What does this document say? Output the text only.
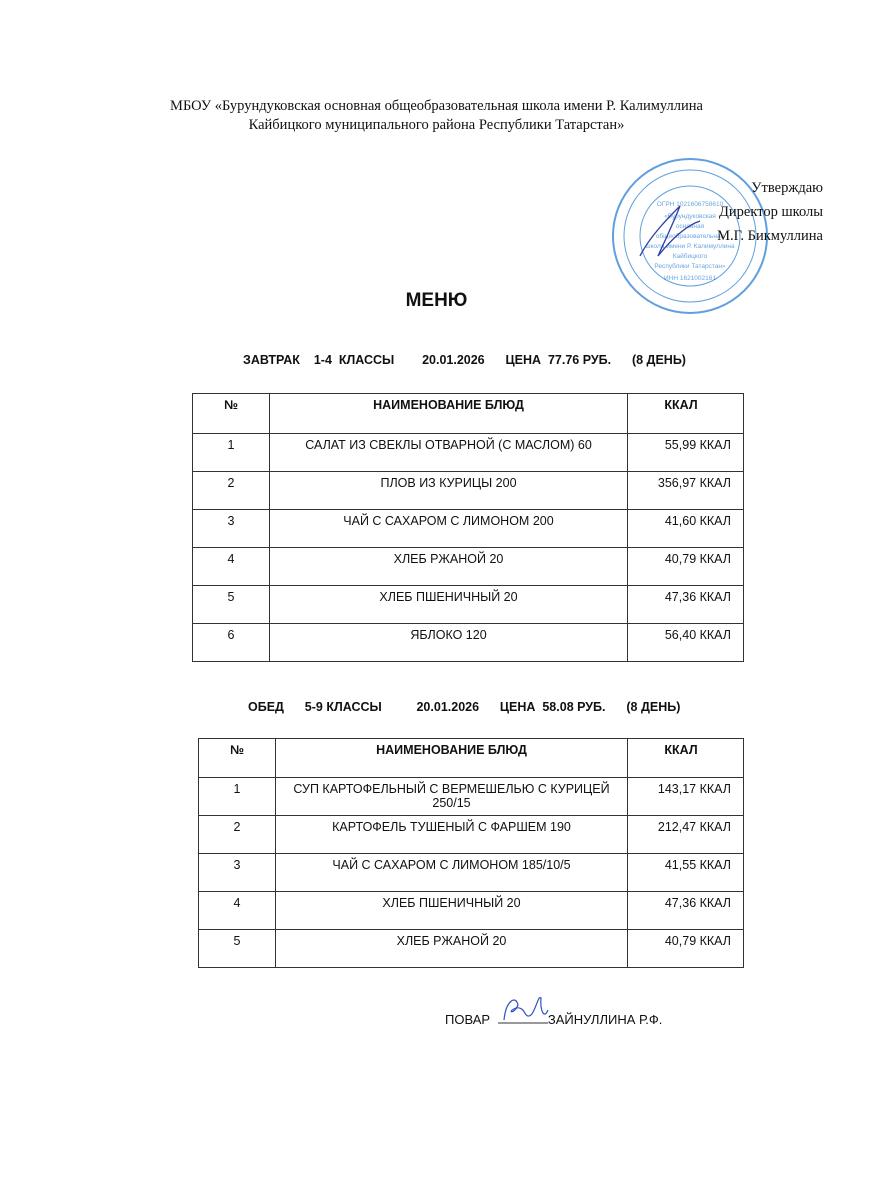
МБОУ «Бурундуковская основная общеобразовательная школа имени Р. Калимуллина
Кайбицкого муниципального района Республики Татарстан»
ОГРН 1021606758610
«Бурундуковская
основная
общеобразовательная
школа имени Р. Калимуллина
Кайбицкого
Республики Татарстан»
ИНН 1621002161
Утверждаю
Директор школы
М.Г. Бикмуллина
МЕНЮ
ЗАВТРАК 1-4  КЛАССЫ 20.01.2026 ЦЕНА  77.76 РУБ. (8 ДЕНЬ)
№	НАИМЕНОВАНИЕ БЛЮД	ККАЛ
1	САЛАТ ИЗ СВЕКЛЫ ОТВАРНОЙ (С МАСЛОМ) 60	55,99 ККАЛ
2	ПЛОВ ИЗ КУРИЦЫ 200	356,97 ККАЛ
3	ЧАЙ С САХАРОМ С ЛИМОНОМ 200	41,60 ККАЛ
4	ХЛЕБ РЖАНОЙ 20	40,79 ККАЛ
5	ХЛЕБ ПШЕНИЧНЫЙ 20	47,36 ККАЛ
6	ЯБЛОКО 120	56,40 ККАЛ
ОБЕД 5-9 КЛАССЫ	20.01.2026 ЦЕНА  58.08 РУБ. (8 ДЕНЬ)
№	НАИМЕНОВАНИЕ БЛЮД	ККАЛ
1	СУП КАРТОФЕЛЬНЫЙ С ВЕРМЕШЕЛЬЮ С КУРИЦЕЙ 250/15	143,17 ККАЛ
2	КАРТОФЕЛЬ ТУШЕНЫЙ С ФАРШЕМ 190	212,47 ККАЛ
3	ЧАЙ С САХАРОМ С ЛИМОНОМ 185/10/5	41,55 ККАЛ
4	ХЛЕБ ПШЕНИЧНЫЙ 20	47,36 ККАЛ
5	ХЛЕБ РЖАНОЙ 20	40,79 ККАЛ
ПОВАР	ЗАЙНУЛЛИНА Р.Ф.
